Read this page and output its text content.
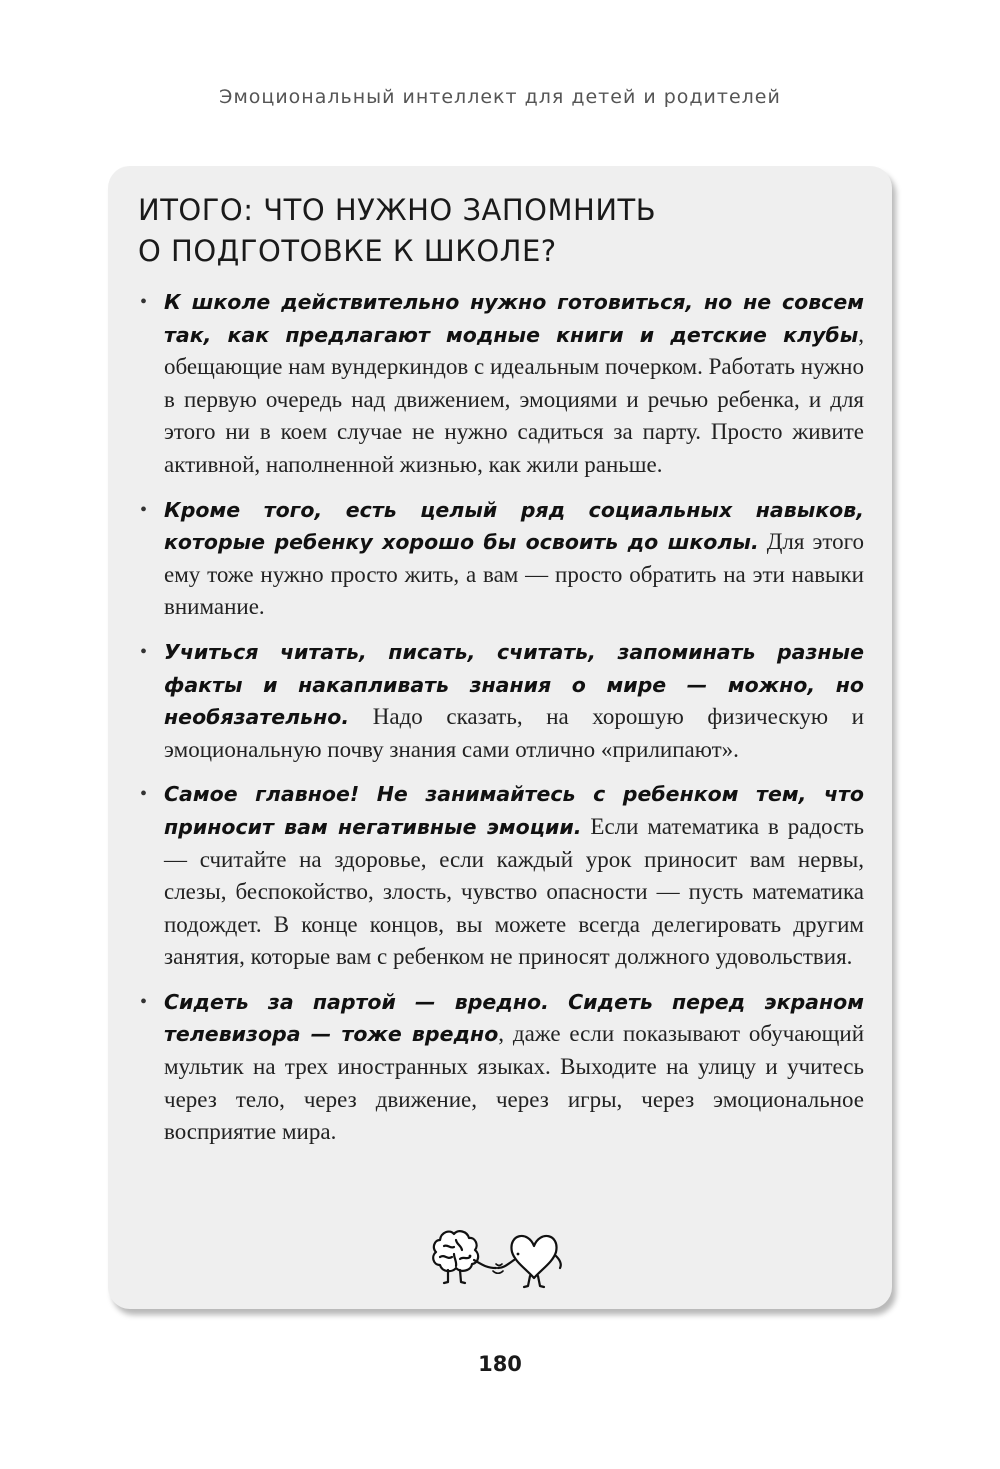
Эмоциональный интеллект для детей и родителей
ИТОГО: ЧТО НУЖНО ЗАПОМНИТЬ
О ПОДГОТОВКЕ К ШКОЛЕ?
• К школе действительно нужно готовиться, но не совсем так, как предлагают модные книги и детские клубы, обещающие нам вундеркиндов с идеальным почерком. Работать нужно в первую очередь над движением, эмоциями и речью ребенка, и для этого ни в коем случае не нужно садиться за парту. Просто живите активной, наполненной жизнью, как жили раньше.
• Кроме того, есть целый ряд социальных навыков, которые ребенку хорошо бы освоить до школы. Для этого ему тоже нужно просто жить, а вам — просто обратить на эти навыки внимание.
• Учиться читать, писать, считать, запоминать разные факты и накапливать знания о мире — можно, но необязательно. Надо сказать, на хорошую физическую и эмоциональную почву знания сами отлично «прилипают».
• Самое главное! Не занимайтесь с ребенком тем, что приносит вам негативные эмоции. Если математика в радость — считайте на здоровье, если каждый урок приносит вам нервы, слезы, беспокойство, злость, чувство опасности — пусть математика подождет. В конце концов, вы можете всегда делегировать другим занятия, которые вам с ребенком не приносят должного удовольствия.
• Сидеть за партой — вредно. Сидеть перед экраном телевизора — тоже вредно, даже если показывают обучающий мультик на трех иностранных языках. Выходите на улицу и учитесь через тело, через движение, через игры, через эмоциональное восприятие мира.
180
